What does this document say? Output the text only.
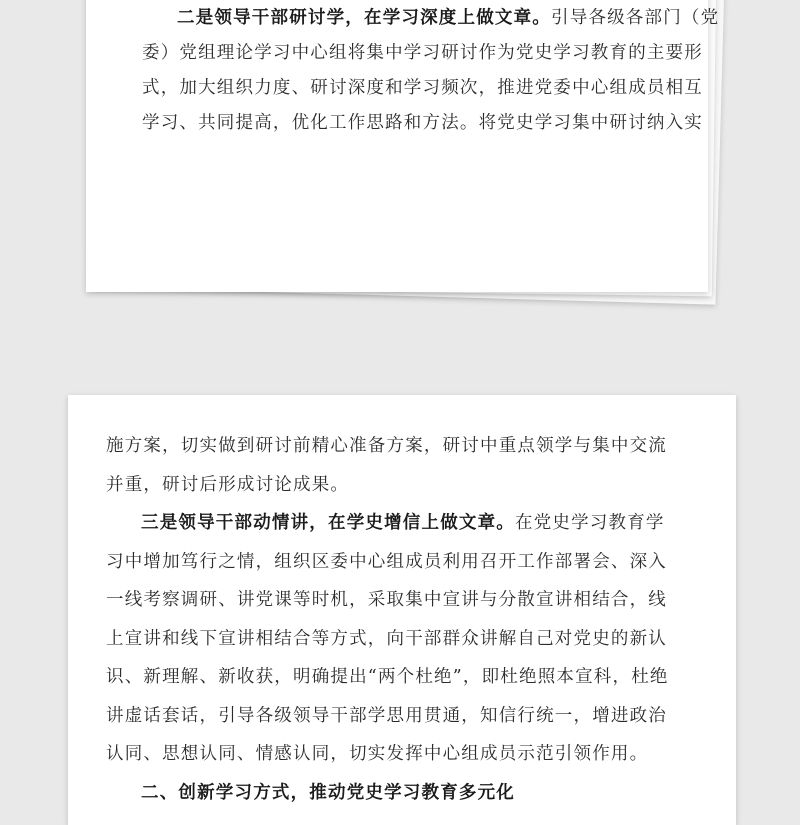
二是领导干部研讨学，在学习深度上做文章。引导各级各部门（党
委）党组理论学习中心组将集中学习研讨作为党史学习教育的主要形
式，加大组织力度、研讨深度和学习频次，推进党委中心组成员相互
学习、共同提高，优化工作思路和方法。将党史学习集中研讨纳入实
施方案，切实做到研讨前精心准备方案，研讨中重点领学与集中交流
并重，研讨后形成讨论成果。
三是领导干部动情讲，在学史增信上做文章。在党史学习教育学
习中增加笃行之情，组织区委中心组成员利用召开工作部署会、深入
一线考察调研、讲党课等时机，采取集中宣讲与分散宣讲相结合，线
上宣讲和线下宣讲相结合等方式，向干部群众讲解自己对党史的新认
识、新理解、新收获，明确提出“两个杜绝”，即杜绝照本宣科，杜绝
讲虚话套话，引导各级领导干部学思用贯通，知信行统一，增进政治
认同、思想认同、情感认同，切实发挥中心组成员示范引领作用。
二、创新学习方式，推动党史学习教育多元化
